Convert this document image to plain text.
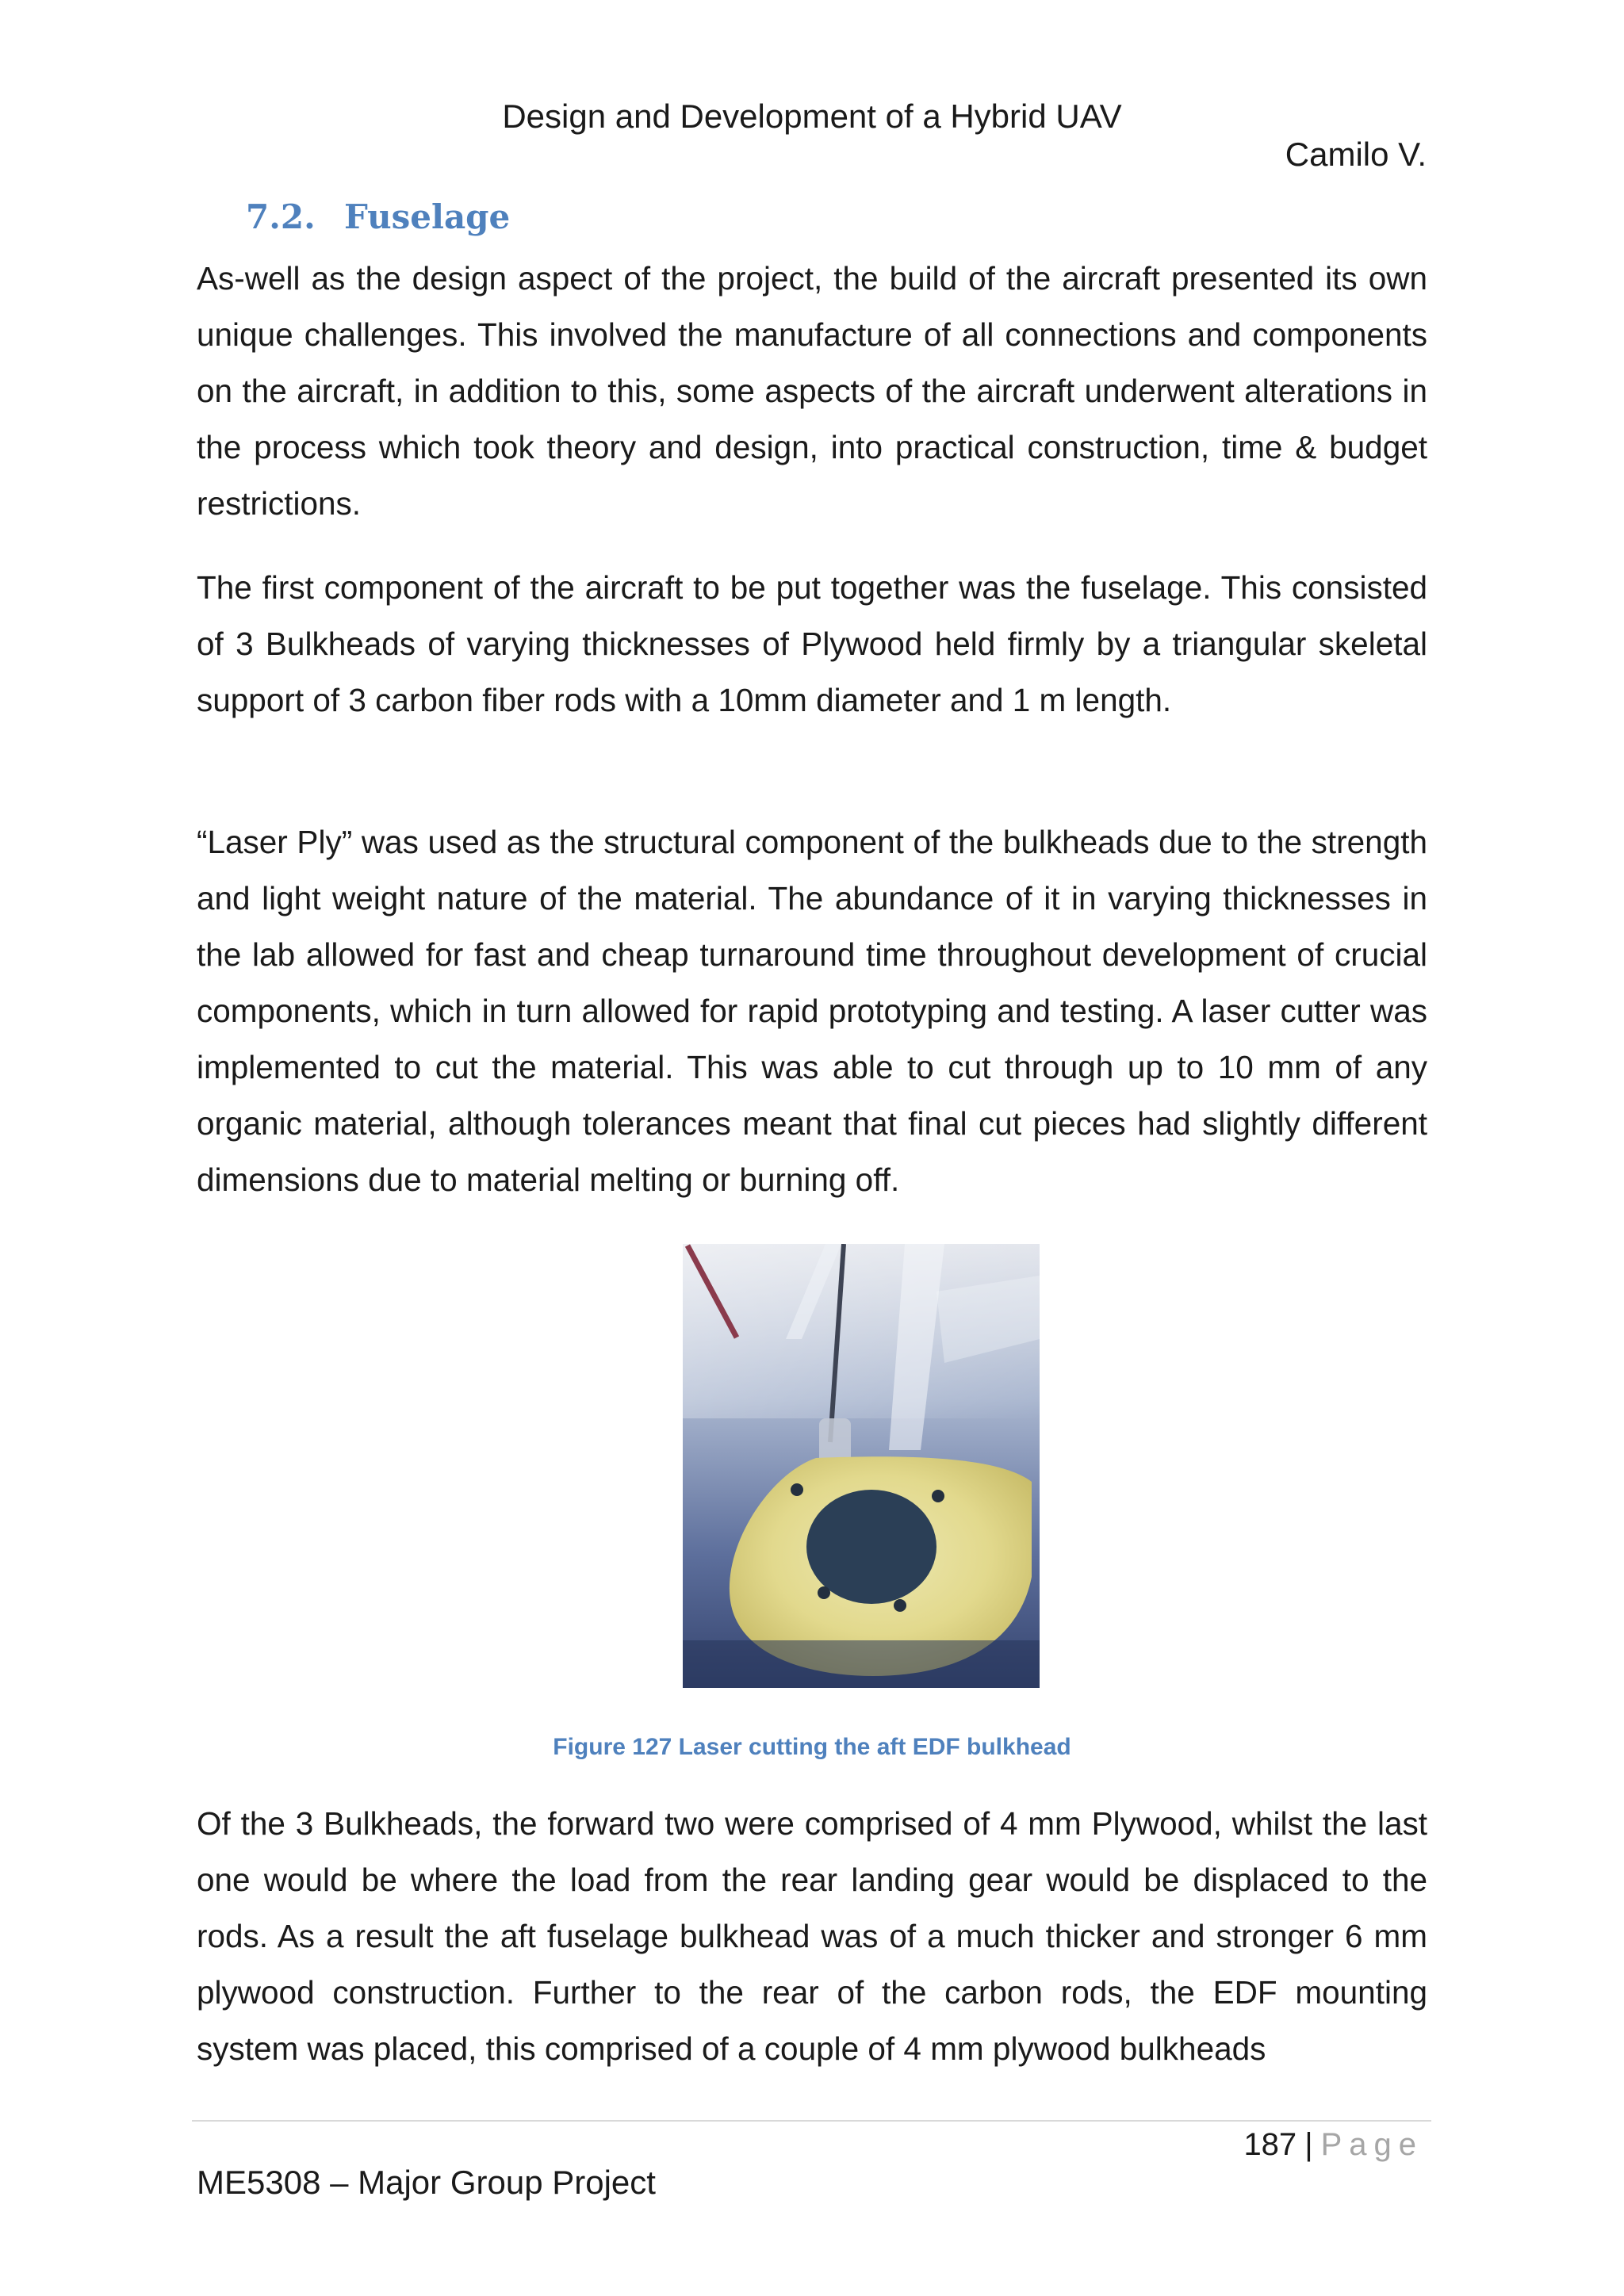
Design and Development of a Hybrid UAV
Camilo V.
7.2. Fuselage

As-well as the design aspect of the project, the build of the aircraft presented its own unique challenges. This involved the manufacture of all connections and components on the aircraft, in addition to this, some aspects of the aircraft underwent alterations in the process which took theory and design, into practical construction, time & budget restrictions.

The first component of the aircraft to be put together was the fuselage. This consisted of 3 Bulkheads of varying thicknesses of Plywood held firmly by a triangular skeletal support of 3 carbon fiber rods with a 10mm diameter and 1 m length.

“Laser Ply” was used as the structural component of the bulkheads due to the strength and light weight nature of the material. The abundance of it in varying thicknesses in the lab allowed for fast and cheap turnaround time throughout development of crucial components, which in turn allowed for rapid prototyping and testing. A laser cutter was implemented to cut the material. This was able to cut through up to 10 mm of any organic material, although tolerances meant that final cut pieces had slightly different dimensions due to material melting or burning off.

Figure 127 Laser cutting the aft EDF bulkhead

Of the 3 Bulkheads, the forward two were comprised of 4 mm Plywood, whilst the last one would be where the load from the rear landing gear would be displaced to the rods. As a result the aft fuselage bulkhead was of a much thicker and stronger 6 mm plywood construction. Further to the rear of the carbon rods, the EDF mounting system was placed, this comprised of a couple of 4 mm plywood bulkheads

187 | Page
ME5308 – Major Group Project
